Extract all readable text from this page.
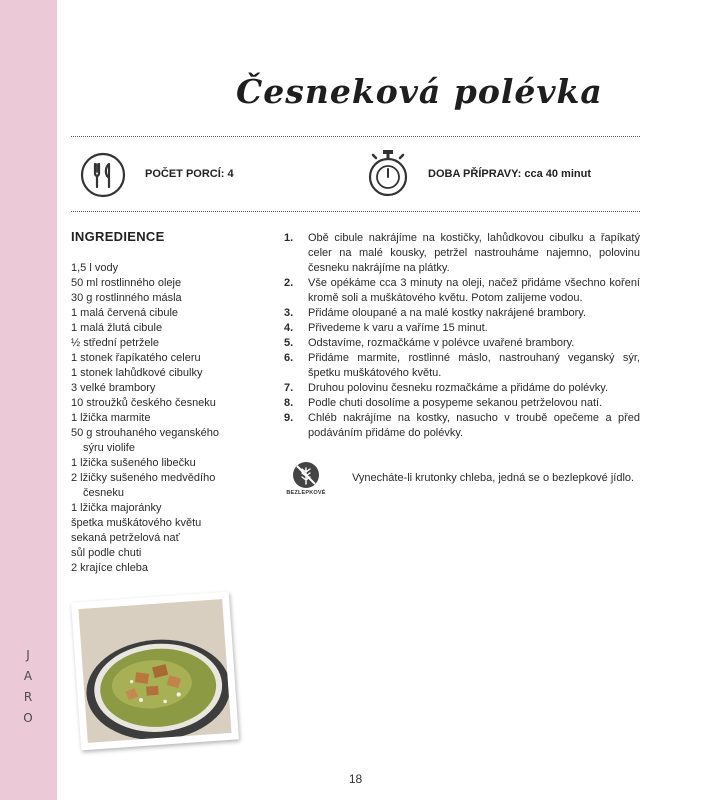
J
A
R
O
Česneková polévka
POČET PORCÍ: 4	DOBA PŘÍPRAVY: cca 40 minut
INGREDIENCE
1,5 l vody
50 ml rostlinného oleje
30 g rostlinného másla
1 malá červená cibule
1 malá žlutá cibule
½ střední petržele
1 stonek řapíkatého celeru
1 stonek lahůdkové cibulky
3 velké brambory
10 stroužků českého česneku
1 lžička marmite
50 g strouhaného veganského
sýru violife
1 lžička sušeného libečku
2 lžičky sušeného medvědího
česneku
1 lžička majoránky
špetka muškátového květu
sekaná petrželová nať
sůl podle chuti
2 krajíce chleba
1.	Obě cibule nakrájíme na kostičky, lahůdkovou cibulku a řapíkatý celer na malé kousky, petržel nastrouháme najemno, polovinu česneku nakrájíme na plátky.
2.	Vše opékáme cca 3 minuty na oleji, načež přidáme všechno koření kromě soli a muškátového květu. Potom zalijeme vodou.
3.	Přidáme oloupané a na malé kostky nakrájené brambory.
4.	Přivedeme k varu a vaříme 15 minut.
5.	Odstavíme, rozmačkáme v polévce uvařené brambory.
6.	Přidáme marmite, rostlinné máslo, nastrouhaný veganský sýr, špetku muškátového květu.
7.	Druhou polovinu česneku rozmačkáme a přidáme do polévky.
8.	Podle chuti dosolíme a posypeme sekanou petrželovou natí.
9.	Chléb nakrájíme na kostky, nasucho v troubě opečeme a před podáváním přidáme do polévky.
BEZLEPKOVÉ
Vynecháte-li krutonky chleba, jedná se o bezlepkové jídlo.
18
